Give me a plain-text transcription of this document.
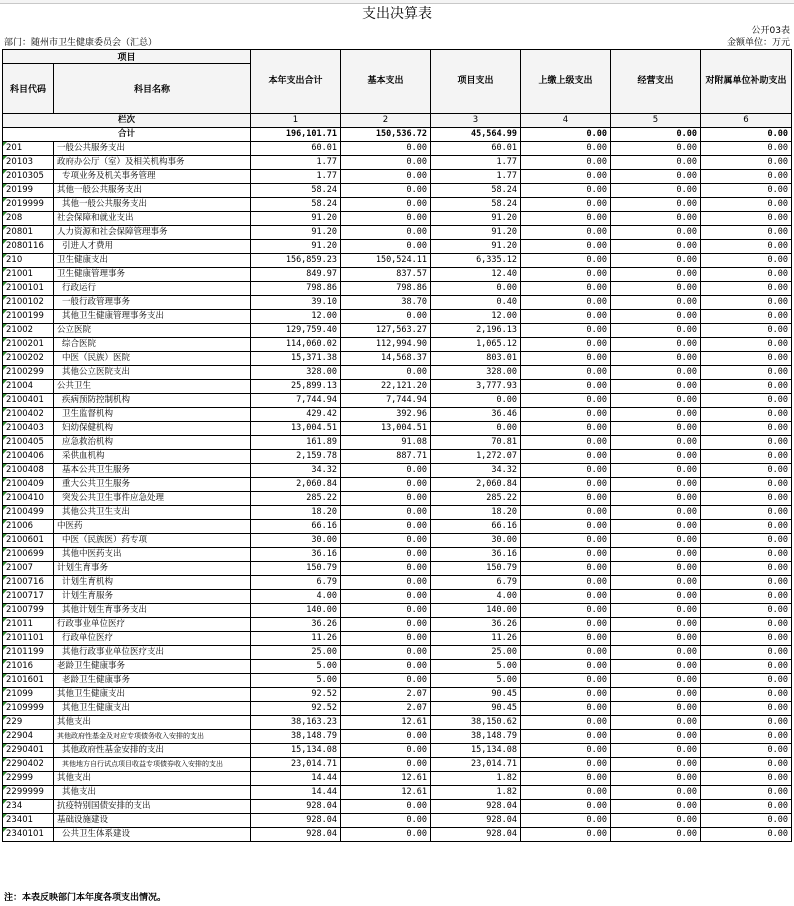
支出决算表
公开03表
部门：随州市卫生健康委员会（汇总）	金额单位：万元
项目		本年支出合计	基本支出	项目支出	上缴上级支出	经营支出	对附属单位补助支出
科目代码	科目名称						
栏次		1	2	3	4	5	6
合计		196,101.71	150,536.72	45,564.99	0.00	0.00	0.00
201	一般公共服务支出	60.01	0.00	60.01	0.00	0.00	0.00
20103	政府办公厅（室）及相关机构事务	1.77	0.00	1.77	0.00	0.00	0.00
2010305	专项业务及机关事务管理	1.77	0.00	1.77	0.00	0.00	0.00
20199	其他一般公共服务支出	58.24	0.00	58.24	0.00	0.00	0.00
2019999	其他一般公共服务支出	58.24	0.00	58.24	0.00	0.00	0.00
208	社会保障和就业支出	91.20	0.00	91.20	0.00	0.00	0.00
20801	人力资源和社会保障管理事务	91.20	0.00	91.20	0.00	0.00	0.00
2080116	引进人才费用	91.20	0.00	91.20	0.00	0.00	0.00
210	卫生健康支出	156,859.23	150,524.11	6,335.12	0.00	0.00	0.00
21001	卫生健康管理事务	849.97	837.57	12.40	0.00	0.00	0.00
2100101	行政运行	798.86	798.86	0.00	0.00	0.00	0.00
2100102	一般行政管理事务	39.10	38.70	0.40	0.00	0.00	0.00
2100199	其他卫生健康管理事务支出	12.00	0.00	12.00	0.00	0.00	0.00
21002	公立医院	129,759.40	127,563.27	2,196.13	0.00	0.00	0.00
2100201	综合医院	114,060.02	112,994.90	1,065.12	0.00	0.00	0.00
2100202	中医（民族）医院	15,371.38	14,568.37	803.01	0.00	0.00	0.00
2100299	其他公立医院支出	328.00	0.00	328.00	0.00	0.00	0.00
21004	公共卫生	25,899.13	22,121.20	3,777.93	0.00	0.00	0.00
2100401	疾病预防控制机构	7,744.94	7,744.94	0.00	0.00	0.00	0.00
2100402	卫生监督机构	429.42	392.96	36.46	0.00	0.00	0.00
2100403	妇幼保健机构	13,004.51	13,004.51	0.00	0.00	0.00	0.00
2100405	应急救治机构	161.89	91.08	70.81	0.00	0.00	0.00
2100406	采供血机构	2,159.78	887.71	1,272.07	0.00	0.00	0.00
2100408	基本公共卫生服务	34.32	0.00	34.32	0.00	0.00	0.00
2100409	重大公共卫生服务	2,060.84	0.00	2,060.84	0.00	0.00	0.00
2100410	突发公共卫生事件应急处理	285.22	0.00	285.22	0.00	0.00	0.00
2100499	其他公共卫生支出	18.20	0.00	18.20	0.00	0.00	0.00
21006	中医药	66.16	0.00	66.16	0.00	0.00	0.00
2100601	中医（民族医）药专项	30.00	0.00	30.00	0.00	0.00	0.00
2100699	其他中医药支出	36.16	0.00	36.16	0.00	0.00	0.00
21007	计划生育事务	150.79	0.00	150.79	0.00	0.00	0.00
2100716	计划生育机构	6.79	0.00	6.79	0.00	0.00	0.00
2100717	计划生育服务	4.00	0.00	4.00	0.00	0.00	0.00
2100799	其他计划生育事务支出	140.00	0.00	140.00	0.00	0.00	0.00
21011	行政事业单位医疗	36.26	0.00	36.26	0.00	0.00	0.00
2101101	行政单位医疗	11.26	0.00	11.26	0.00	0.00	0.00
2101199	其他行政事业单位医疗支出	25.00	0.00	25.00	0.00	0.00	0.00
21016	老龄卫生健康事务	5.00	0.00	5.00	0.00	0.00	0.00
2101601	老龄卫生健康事务	5.00	0.00	5.00	0.00	0.00	0.00
21099	其他卫生健康支出	92.52	2.07	90.45	0.00	0.00	0.00
2109999	其他卫生健康支出	92.52	2.07	90.45	0.00	0.00	0.00
229	其他支出	38,163.23	12.61	38,150.62	0.00	0.00	0.00
22904	其他政府性基金及对应专项债务收入安排的支出	38,148.79	0.00	38,148.79	0.00	0.00	0.00
2290401	其他政府性基金安排的支出	15,134.08	0.00	15,134.08	0.00	0.00	0.00
2290402	其他地方自行试点项目收益专项债券收入安排的支出	23,014.71	0.00	23,014.71	0.00	0.00	0.00
22999	其他支出	14.44	12.61	1.82	0.00	0.00	0.00
2299999	其他支出	14.44	12.61	1.82	0.00	0.00	0.00
234	抗疫特别国债安排的支出	928.04	0.00	928.04	0.00	0.00	0.00
23401	基础设施建设	928.04	0.00	928.04	0.00	0.00	0.00
2340101	公共卫生体系建设	928.04	0.00	928.04	0.00	0.00	0.00
注：本表反映部门本年度各项支出情况。
